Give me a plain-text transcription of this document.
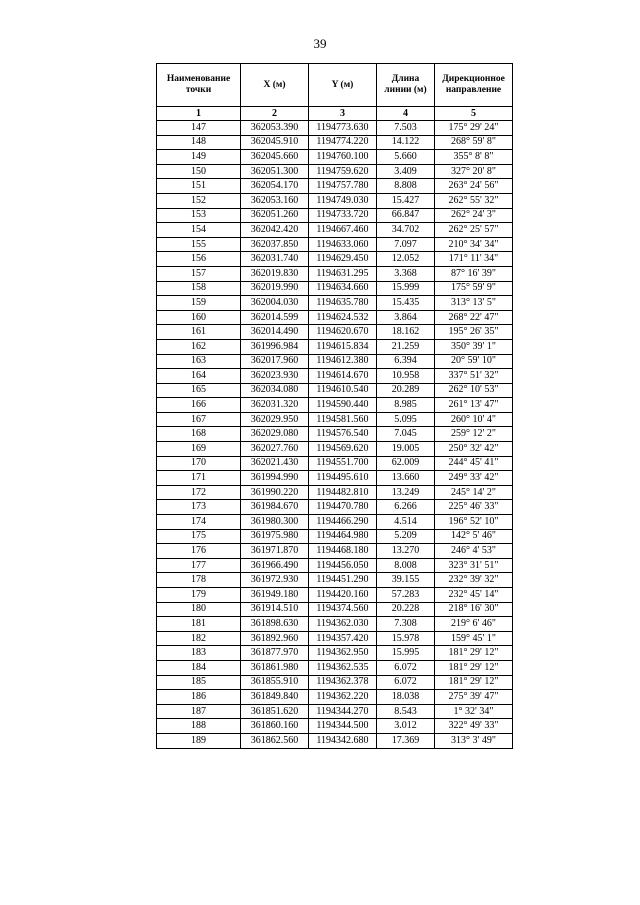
39
Наименование точки	X (м)	Y (м)	Длина линии (м)	Дирекционное направление
1	2	3	4	5
147	362053.390	1194773.630	7.503	175° 29' 24"
148	362045.910	1194774.220	14.122	268° 59' 8"
149	362045.660	1194760.100	5.660	355° 8' 8"
150	362051.300	1194759.620	3.409	327° 20' 8"
151	362054.170	1194757.780	8.808	263° 24' 56"
152	362053.160	1194749.030	15.427	262° 55' 32"
153	362051.260	1194733.720	66.847	262° 24' 3"
154	362042.420	1194667.460	34.702	262° 25' 57"
155	362037.850	1194633.060	7.097	210° 34' 34"
156	362031.740	1194629.450	12.052	171° 11' 34"
157	362019.830	1194631.295	3.368	87° 16' 39"
158	362019.990	1194634.660	15.999	175° 59' 9"
159	362004.030	1194635.780	15.435	313° 13' 5"
160	362014.599	1194624.532	3.864	268° 22' 47"
161	362014.490	1194620.670	18.162	195° 26' 35"
162	361996.984	1194615.834	21.259	350° 39' 1"
163	362017.960	1194612.380	6.394	20° 59' 10"
164	362023.930	1194614.670	10.958	337° 51' 32"
165	362034.080	1194610.540	20.289	262° 10' 53"
166	362031.320	1194590.440	8.985	261° 13' 47"
167	362029.950	1194581.560	5.095	260° 10' 4"
168	362029.080	1194576.540	7.045	259° 12' 2"
169	362027.760	1194569.620	19.005	250° 32' 42"
170	362021.430	1194551.700	62.009	244° 45' 41"
171	361994.990	1194495.610	13.660	249° 33' 42"
172	361990.220	1194482.810	13.249	245° 14' 2"
173	361984.670	1194470.780	6.266	225° 46' 33"
174	361980.300	1194466.290	4.514	196° 52' 10"
175	361975.980	1194464.980	5.209	142° 5' 46"
176	361971.870	1194468.180	13.270	246° 4' 53"
177	361966.490	1194456.050	8.008	323° 31' 51"
178	361972.930	1194451.290	39.155	232° 39' 32"
179	361949.180	1194420.160	57.283	232° 45' 14"
180	361914.510	1194374.560	20.228	218° 16' 30"
181	361898.630	1194362.030	7.308	219° 6' 46"
182	361892.960	1194357.420	15.978	159° 45' 1"
183	361877.970	1194362.950	15.995	181° 29' 12"
184	361861.980	1194362.535	6.072	181° 29' 12"
185	361855.910	1194362.378	6.072	181° 29' 12"
186	361849.840	1194362.220	18.038	275° 39' 47"
187	361851.620	1194344.270	8.543	1° 32' 34"
188	361860.160	1194344.500	3.012	322° 49' 33"
189	361862.560	1194342.680	17.369	313° 3' 49"
